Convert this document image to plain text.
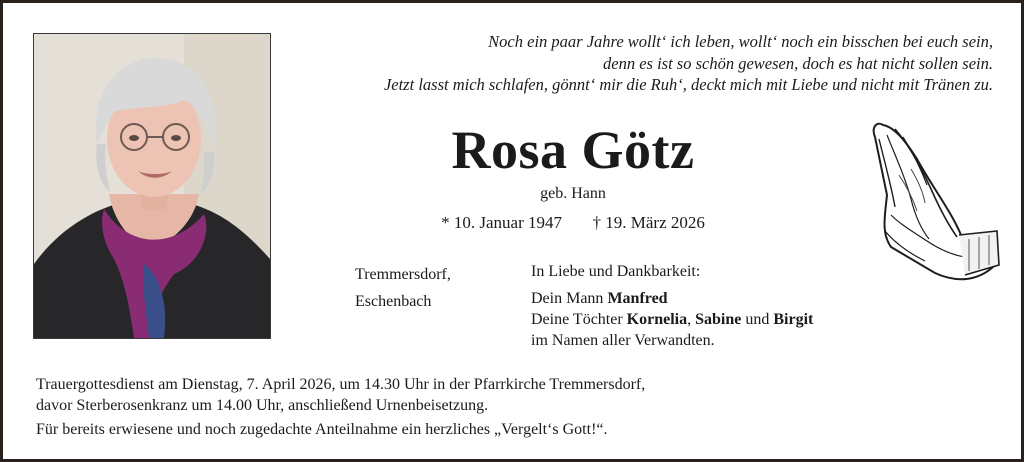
Noch ein paar Jahre wollt‘ ich leben, wollt‘ noch ein bisschen bei euch sein,
denn es ist so schön gewesen, doch es hat nicht sollen sein.
Jetzt lasst mich schlafen, gönnt‘ mir die Ruh‘, deckt mich mit Liebe und nicht mit Tränen zu.
Rosa Götz
geb. Hann
* 10. Januar 1947 † 19. März 2026
Tremmersdorf,
Eschenbach
In Liebe und Dankbarkeit:
Dein Mann Manfred
Deine Töchter Kornelia, Sabine und Birgit
im Namen aller Verwandten.
Trauergottesdienst am Dienstag, 7. April 2026, um 14.30 Uhr in der Pfarrkirche Tremmersdorf,
davor Sterberosenkranz um 14.00 Uhr, anschließend Urnenbeisetzung.
Für bereits erwiesene und noch zugedachte Anteilnahme ein herzliches „Vergelt‘s Gott!“.
